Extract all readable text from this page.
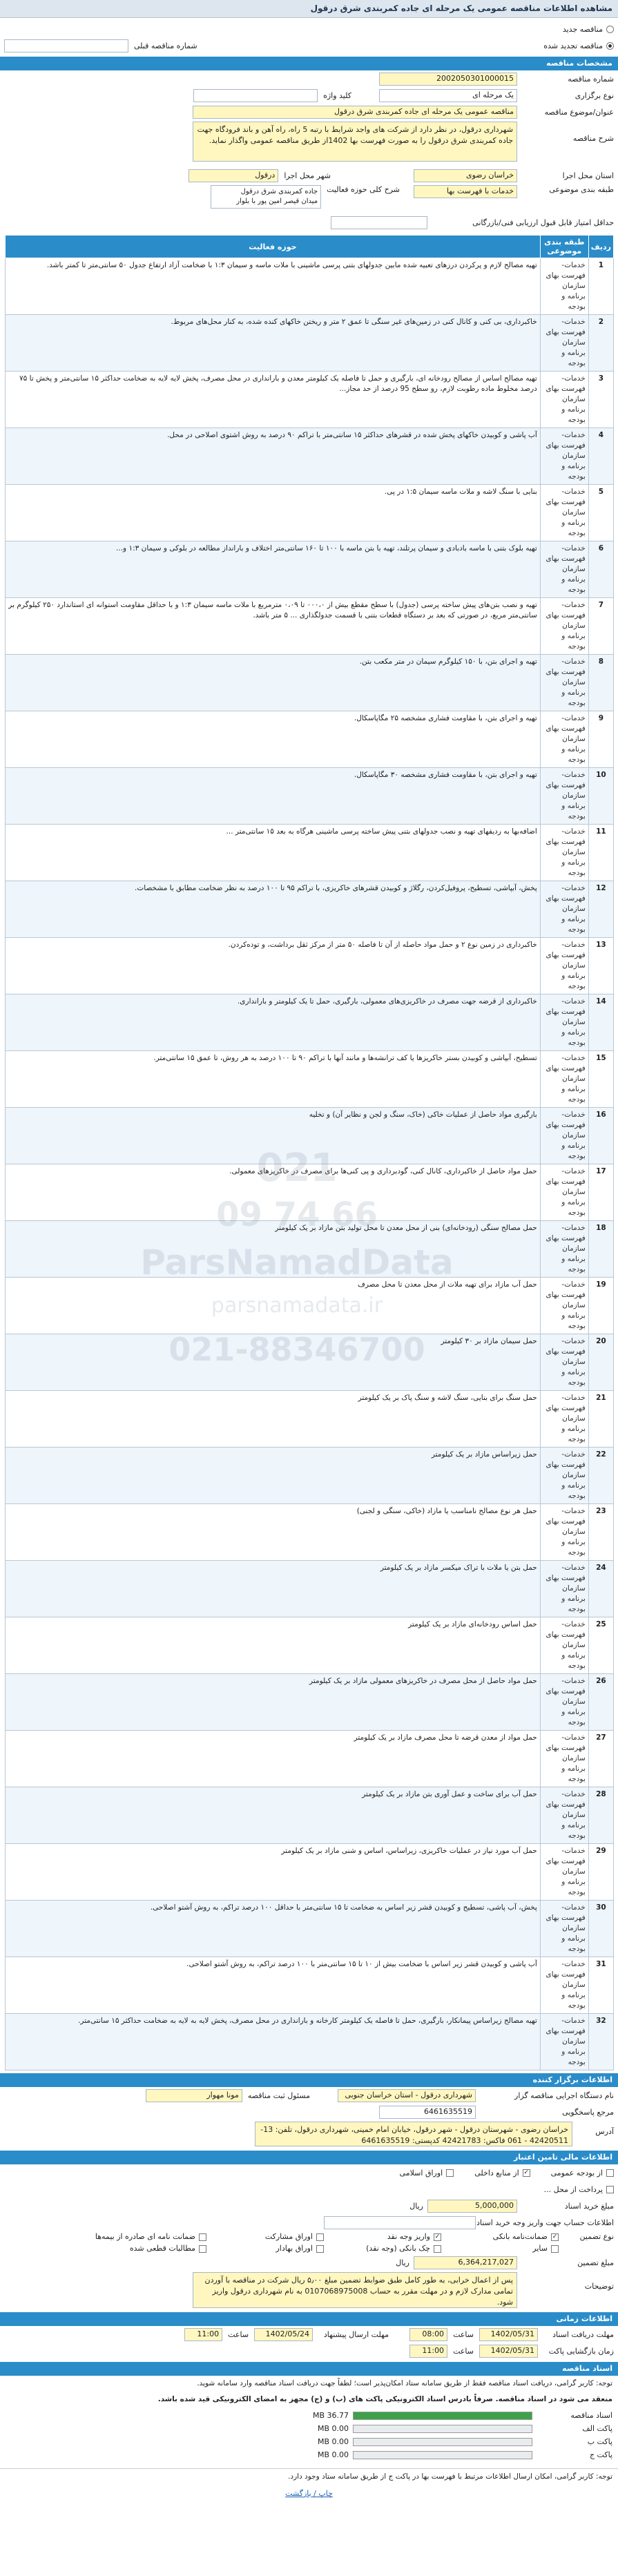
مشاهده اطلاعات مناقصه عمومی یک مرحله ای جاده کمربندی شرق درقول
مناقصه جدید
مناقصه تجدید شده
شماره مناقصه قبلی
مشخصات مناقصه
شماره مناقصه
2002050301000015
نوع برگزاری
یک مرحله ای
کلید واژه
عنوان/موضوع مناقصه
مناقصه عمومی یک مرحله ای جاده کمربندی شرق درقول
شرح مناقصه
شهرداری درقول، در نظر دارد از شرکت های واجد شرایط با رتبه 5 راه، راه آهن و باند فرودگاه جهت جاده کمربندی شرق درقول را به صورت فهرست بها 1402از طریق مناقصه عمومی واگذار نماید.
استان محل اجرا
خراسان رضوی
شهر محل اجرا
درقول
طبقه بندی موضوعی
خدمات با فهرست بها
شرح کلی حوزه فعالیت
جاده کمربندی شرق درقول
میدان قیصر امین پور با بلوار
حداقل امتیاز قابل قبول ارزیابی فنی/بازرگانی
ردیف	طبقه بندی موضوعی	حوزه فعالیت
1	خدمات-فهرست بهای سازمان برنامه و بودجه	تهیه مصالح لازم و پرکردن درزهای تعبیه شده مابین جدولهای بتنی پرسی ماشینی با ملات ماسه و سیمان ۱:۳ با ضخامت آزاد ارتفاع جدول ۵۰ سانتی‌متر تا کمتر باشد.
2	خدمات-فهرست بهای سازمان برنامه و بودجه	خاکبرداری، بی کنی و کانال کنی در زمین‌های غیر سنگی تا عمق ۲ متر و ریختن خاکهای کنده شده، به کنار محل‌های مربوط.
3	خدمات-فهرست بهای سازمان برنامه و بودجه	تهیه مصالح اساس از مصالح رودخانه ای، بارگیری و حمل تا فاصله یک کیلومتر معدن و بارانداری در محل مصرف، پخش لایه لایه به ضخامت حداکثر ۱۵ سانتی‌متر و پخش تا ۷۵ درصد مخلوط ماده رطوبت لازم، رو سطح 95 درصد از حد مجاز...
4	خدمات-فهرست بهای سازمان برنامه و بودجه	آب پاشی و کوبیدن خاکهای پخش شده در قشرهای حداکثر ۱۵ سانتی‌متر با تراکم ۹۰ درصد به روش اشتوی اصلاحی در محل.
5	خدمات-فهرست بهای سازمان برنامه و بودجه	بنایی با سنگ لاشه و ملات ماسه سیمان ۱:۵ در پی.
6	خدمات-فهرست بهای سازمان برنامه و بودجه	تهیه بلوک بتنی با ماسه بادبادی و سیمان پرتلند، تهیه با بتن ماسه با ۱۰۰ تا ۱۶۰ سانتی‌متر اختلاف و بارانداز مطالعه در بلوکی و سیمان ۱:۳ و...
7	خدمات-فهرست بهای سازمان برنامه و بودجه	تهیه و نصب بتن‌های پیش ساخته پرسی (جدول) با سطح مقطع بیش از ۰۰۰،۰ تا ۰،۰۹ مترمربع با ملات ماسه سیمان ۱:۳ و با حداقل مقاومت استوانه ای استاندارد ۲۵۰ کیلوگرم بر سانتی‌متر مربع، در صورتی که بعد بر دستگاه قطعات بتنی با قسمت جدولگذاری ... ۵ متر باشد.
8	خدمات-فهرست بهای سازمان برنامه و بودجه	تهیه و اجرای بتن، با ۱۵۰ کیلوگرم سیمان در متر مکعب بتن.
9	خدمات-فهرست بهای سازمان برنامه و بودجه	تهیه و اجرای بتن، با مقاومت فشاری مشخصه ۲۵ مگاپاسکال.
10	خدمات-فهرست بهای سازمان برنامه و بودجه	تهیه و اجرای بتن، با مقاومت فشاری مشخصه ۳۰ مگاپاسکال.
11	خدمات-فهرست بهای سازمان برنامه و بودجه	اضافه‌بها به ردیفهای تهیه و نصب جدولهای بتنی پیش ساخته پرسی ماشینی هرگاه به بعد ۱۵ سانتی‌متر ...
12	خدمات-فهرست بهای سازمان برنامه و بودجه	پخش، آبپاشی، تسطیح، پروفیل‌کردن، رگلاژ و کوبیدن قشرهای خاکریزی، با تراکم ۹۵ تا ۱۰۰ درصد به نظر ضخامت مطابق با مشخصات.
13	خدمات-فهرست بهای سازمان برنامه و بودجه	خاکبرداری در زمین نوع ۲ و حمل مواد حاصله از آن تا فاصله ۵۰ متر از مرکز ثقل برداشت، و توده‌کردن.
14	خدمات-فهرست بهای سازمان برنامه و بودجه	خاکبرداری از قرضه جهت مصرف در خاکریزی‌های معمولی، بارگیری، حمل تا یک کیلومتر و بارانداری.
15	خدمات-فهرست بهای سازمان برنامه و بودجه	تسطیح، آبپاشی و کوبیدن بستر خاکریزها یا کف ترانشه‌ها و مانند آنها با تراکم ۹۰ تا ۱۰۰ درصد به هر روش، تا عمق ۱۵ سانتی‌متر.
16	خدمات-فهرست بهای سازمان برنامه و بودجه	بارگیری مواد حاصل از عملیات خاکی (خاک، سنگ و لجن و نظایر آن) و تخلیه
17	خدمات-فهرست بهای سازمان برنامه و بودجه	حمل مواد حاصل از خاکبرداری، کانال کنی، گودبرداری و پی کنی‌ها برای مصرف در خاکریزهای معمولی.
18	خدمات-فهرست بهای سازمان برنامه و بودجه	حمل مصالح سنگی (رودخانه‌ای) بنی از محل معدن تا محل تولید بتن مازاد بر یک کیلومتر
19	خدمات-فهرست بهای سازمان برنامه و بودجه	حمل آب مازاد برای تهیه ملات از محل معدن تا محل مصرف
20	خدمات-فهرست بهای سازمان برنامه و بودجه	حمل سیمان مازاد بر ۳۰ کیلومتر
21	خدمات-فهرست بهای سازمان برنامه و بودجه	حمل سنگ برای بنایی، سنگ لاشه و سنگ پاک بر یک کیلومتر
22	خدمات-فهرست بهای سازمان برنامه و بودجه	حمل زیراساس مازاد بر یک کیلومتر
23	خدمات-فهرست بهای سازمان برنامه و بودجه	حمل هر نوع مصالح نامناسب یا مازاد (خاکی، سنگی و لجنی)
24	خدمات-فهرست بهای سازمان برنامه و بودجه	حمل بتن یا ملات با تراک میکسر مازاد بر یک کیلومتر
25	خدمات-فهرست بهای سازمان برنامه و بودجه	حمل اساس رودخانه‌ای مازاد بر یک کیلومتر
26	خدمات-فهرست بهای سازمان برنامه و بودجه	حمل مواد حاصل از محل مصرف در خاکریزهای معمولی مازاد بر یک کیلومتر
27	خدمات-فهرست بهای سازمان برنامه و بودجه	حمل مواد از معدن قرضه تا محل مصرف مازاد بر یک کیلومتر
28	خدمات-فهرست بهای سازمان برنامه و بودجه	حمل آب برای ساخت و عمل آوری بتن مازاد بر یک کیلومتر
29	خدمات-فهرست بهای سازمان برنامه و بودجه	حمل آب مورد نیاز در عملیات خاکریزی، زیراساس، اساس و شنی مازاد بر یک کیلومتر
30	خدمات-فهرست بهای سازمان برنامه و بودجه	پخش، آب پاشی، تسطیح و کوبیدن قشر زیر اساس به ضخامت تا ۱۵ سانتی‌متر با حداقل ۱۰۰ درصد تراکم، به روش آشتو اصلاحی.
31	خدمات-فهرست بهای سازمان برنامه و بودجه	آب پاشی و کوبیدن قشر زیر اساس با ضخامت بیش از ۱۰ تا ۱۵ سانتی‌متر با ۱۰۰ درصد تراکم، به روش آشتو اصلاحی.
32	خدمات-فهرست بهای سازمان برنامه و بودجه	تهیه مصالح زیراساس پیمانکار، بارگیری، حمل تا فاصله یک کیلومتر کارخانه و بارانداری در محل مصرف، پخش لایه به لایه به ضخامت حداکثر ۱۵ سانتی‌متر.
021
66 74 09
parsnamadata.ir
اطلاعات برگزار کننده
نام دستگاه اجرایی مناقصه گزار
شهرداری درقول - استان خراسان جنوبی
مسئول ثبت مناقصه
مونا مهوار
مرجع پاسخگویی
6461635519
آدرس
خراسان رضوی - شهرستان درقول - شهر درقول، خیابان امام خمینی، شهرداری درقول، تلفن: 13- 42420511 - 061 فاکس: 42421783 کدپستی: 6461635519
اطلاعات مالی تامین اعتبار
از بودجه عمومی
✓
از منابع داخلی
اوراق اسلامی
پرداخت از محل ...
مبلغ خرید اسناد
5,000,000
ریال
اطلاعات حساب جهت واریز وجه خرید اسناد
نوع تضمین
✓ضمانت‌نامه بانکی
✓واریز وجه نقد
اوراق مشارکت
ضمانت نامه ای صادره از بیمه‌ها
سایر
چک بانکی (وجه نقد)
اوراق بهادار
مطالبات قطعی شده
مبلغ تضمین
6,364,217,027
ریال
توضیحات
پس از اعمال خرابی، به طور کامل طبق ضوابط تضمین مبلغ ۵٫۰۰ ریال شرکت در مناقصه با آوردن تمامی مدارک لازم و در مهلت مقرر به حساب 0107068975008 به نام شهرداری درقول واریز شود.
اطلاعات زمانی
مهلت دریافت اسناد
1402/05/31
ساعت
08:00
مهلت ارسال پیشنهاد
1402/05/24
ساعت
11:00
زمان بازگشایی پاکت
1402/05/31
ساعت
11:00
اسناد مناقصه
توجه: کاربر گرامی، دریافت اسناد مناقصه فقط از طریق سامانه ستاد امکان‌پذیر است؛ لطفاً جهت دریافت اسناد مناقصه وارد سامانه شوید.
منعقد می شود در اسناد مناقصه. صرفاً بادرس اسناد الکترونیکی پاکت های (ب) و (ج) مجهز به امضای الکترونیکی قید شده باشد.
اسناد مناقصه
36.77 MB
پاکت الف
0.00 MB
پاکت ب
0.00 MB
پاکت ج
0.00 MB
توجه: کاربر گرامی، امکان ارسال اطلاعات مرتبط با فهرست بها در پاکت ج از طریق سامانه ستاد وجود دارد.
چاپ / بازگشت
